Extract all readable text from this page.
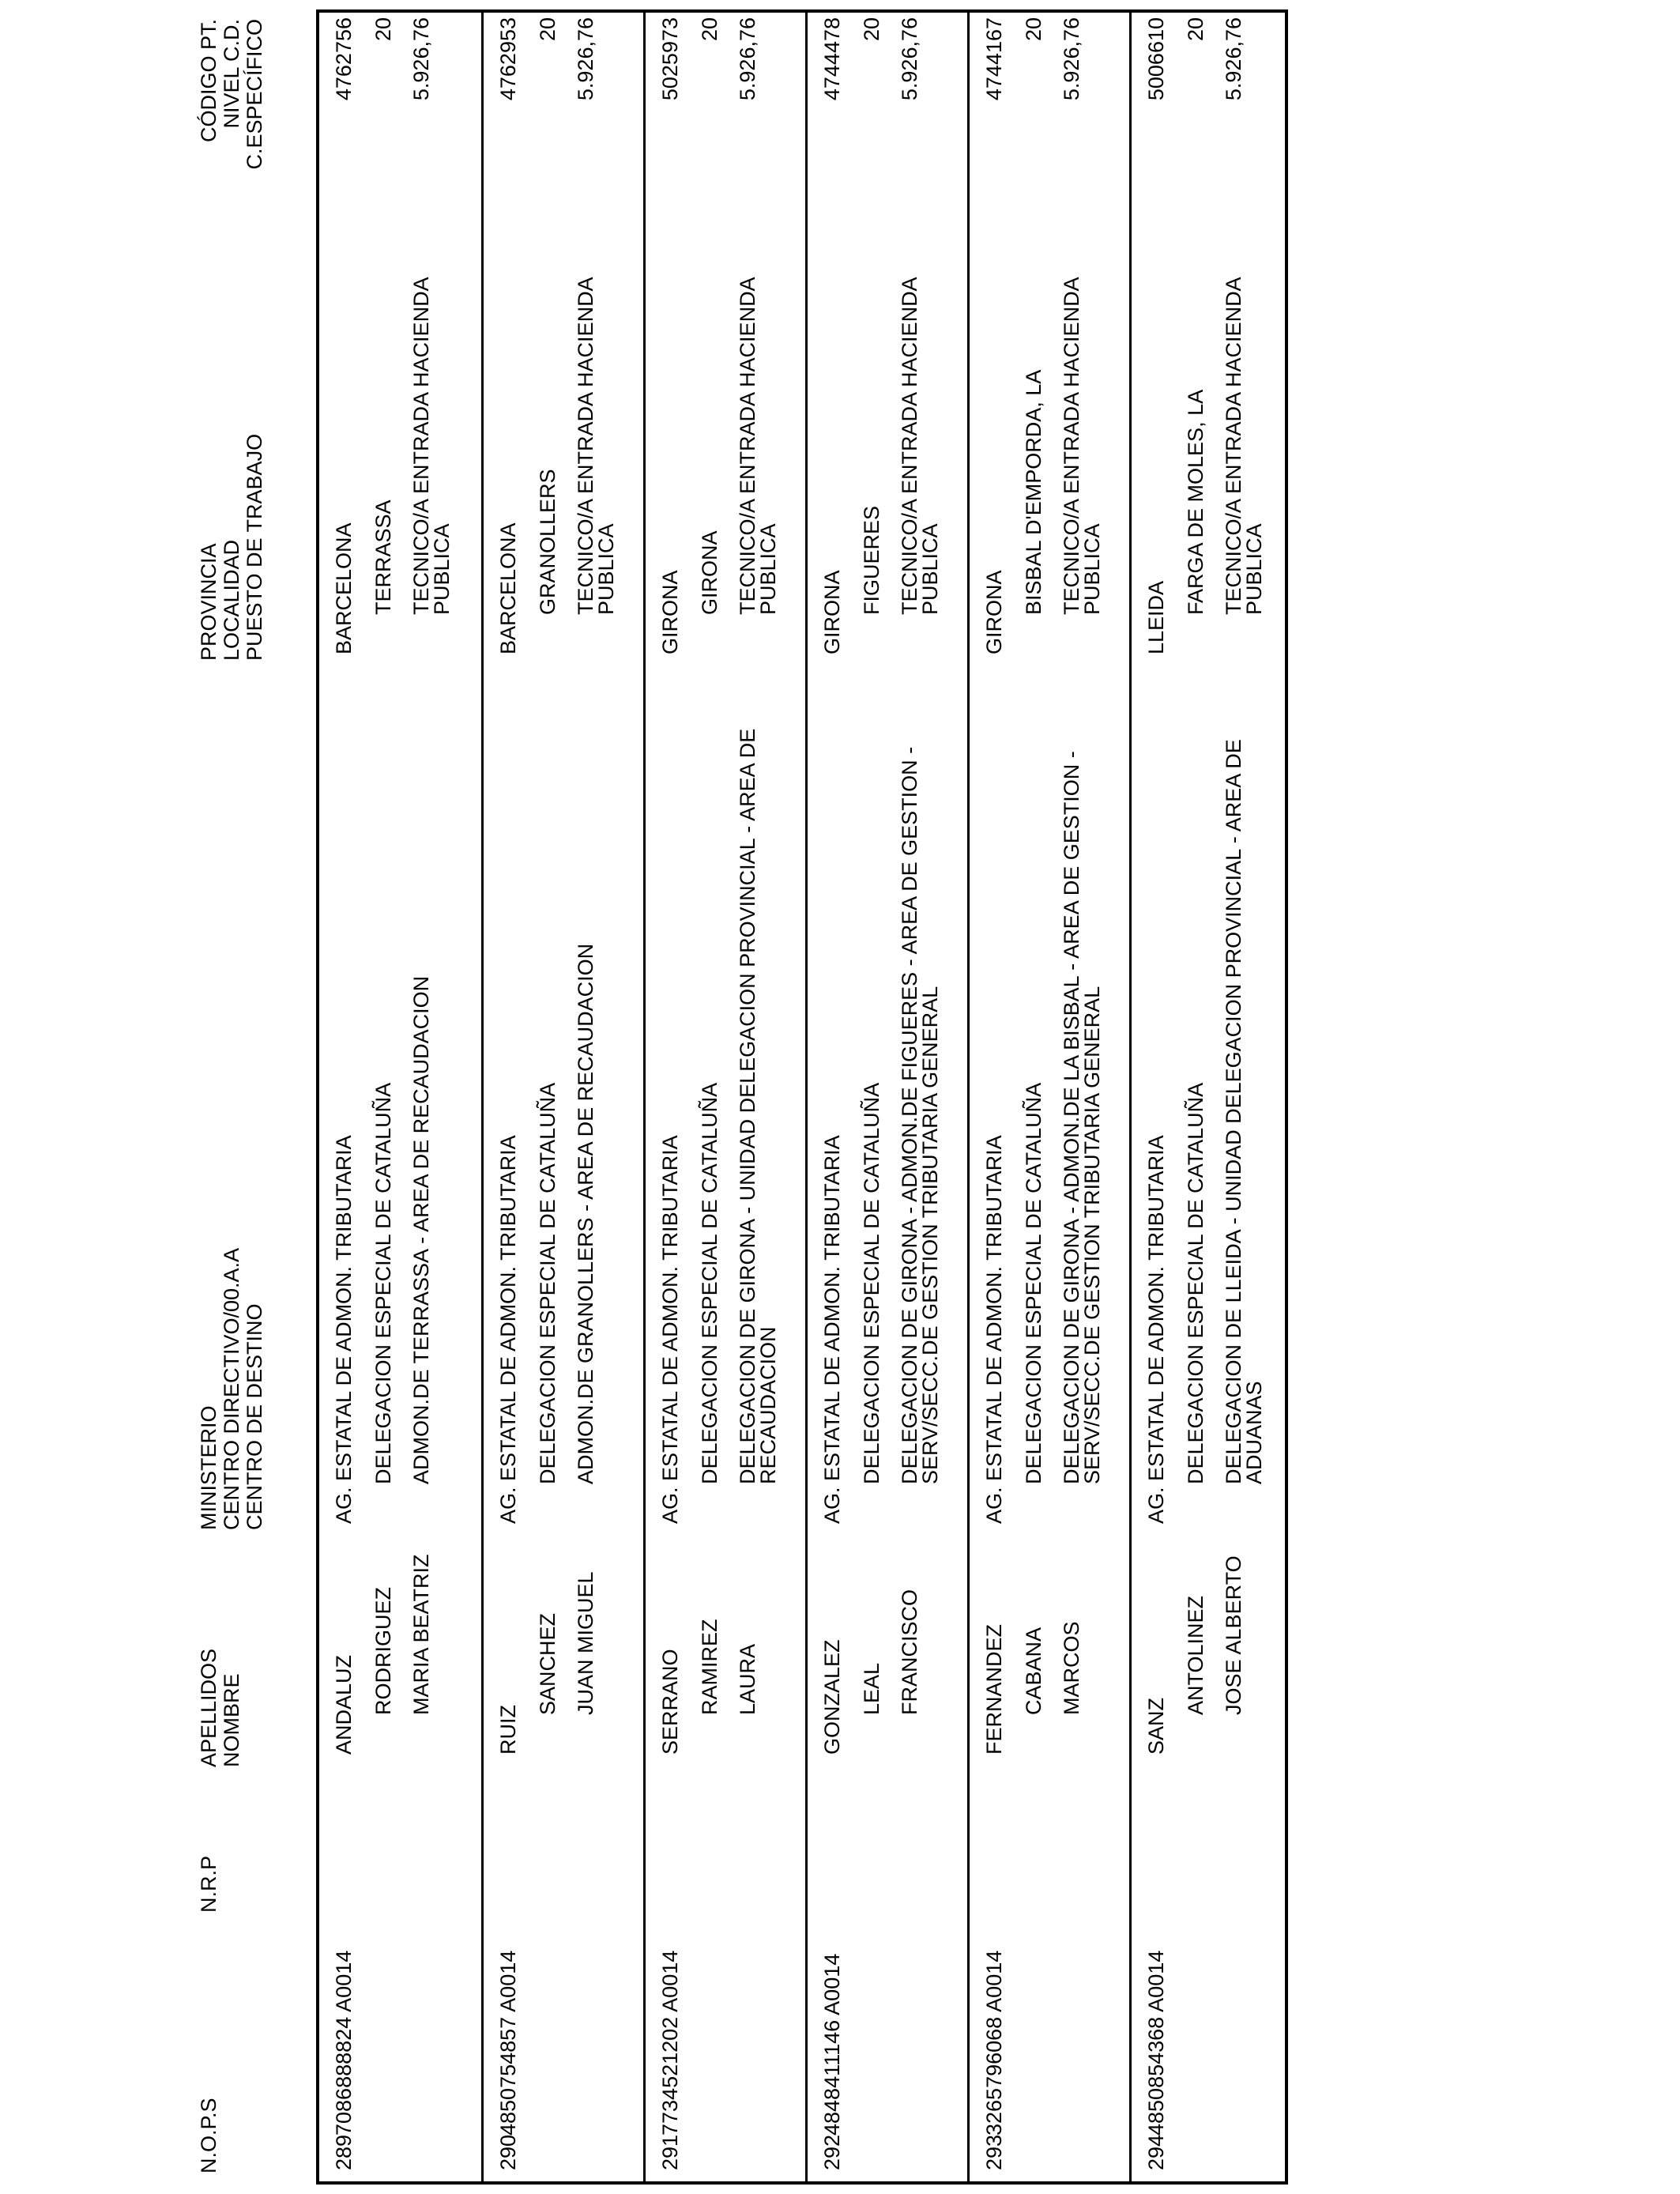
N.O.P.S
N.R.P
APELLIDOS NOMBRE
MINISTERIO CENTRO DIRECTIVO/00.A.A CENTRO DE DESTINO
PROVINCIA LOCALIDAD PUESTO DE TRABAJO
CÓDIGO PT. NIVEL C.D. C.ESPECÍFICO
289
7086888824 A0014
ANDALUZ RODRIGUEZ MARIA BEATRIZ
AG. ESTATAL DE ADMON. TRIBUTARIA DELEGACION ESPECIAL DE CATALUÑA ADMON.DE TERRASSA - AREA DE RECAUDACION
BARCELONA TERRASSA TECNICO/A ENTRADA HACIENDA PUBLICA
4762756 20 5.926,76
290
4850754857 A0014
RUIZ
SANCHEZ JUAN MIGUEL
AG. ESTATAL DE ADMON. TRIBUTARIA DELEGACION ESPECIAL DE CATALUÑA ADMON.DE GRANOLLERS - AREA DE RECAUDACION
BARCELONA GRANOLLERS TECNICO/A ENTRADA HACIENDA PUBLICA
4762953 20 5.926,76
291
7734521202 A0014
SERRANO RAMIREZ LAURA
AG. ESTATAL DE ADMON. TRIBUTARIA DELEGACION ESPECIAL DE CATALUÑA DELEGACION DE GIRONA - UNIDAD DELEGACION PROVINCIAL - AREA DE RECAUDACION
GIRONA GIRONA TECNICO/A ENTRADA HACIENDA PUBLICA
5025973 20 5.926,76
292
4848411146 A0014
GONZALEZ LEAL FRANCISCO
AG. ESTATAL DE ADMON. TRIBUTARIA DELEGACION ESPECIAL DE CATALUÑA DELEGACION DE GIRONA - ADMON.DE FIGUERES - AREA DE GESTION - SERV/SECC.DE GESTION TRIBUTARIA GENERAL
GIRONA FIGUERES TECNICO/A ENTRADA HACIENDA PUBLICA
4744478 20 5.926,76
293
3265796068 A0014
FERNANDEZ CABANA MARCOS
AG. ESTATAL DE ADMON. TRIBUTARIA DELEGACION ESPECIAL DE CATALUÑA DELEGACION DE GIRONA - ADMON.DE LA BISBAL - AREA DE GESTION - SERV/SECC.DE GESTION TRIBUTARIA GENERAL
GIRONA BISBAL D'EMPORDA, LA TECNICO/A ENTRADA HACIENDA PUBLICA
4744167 20 5.926,76
294
4850854368 A0014
SANZ
ANTOLINEZ JOSE ALBERTO
AG. ESTATAL DE ADMON. TRIBUTARIA DELEGACION ESPECIAL DE CATALUÑA DELEGACION DE LLEIDA - UNIDAD DELEGACION PROVINCIAL - AREA DE ADUANAS
LLEIDA
FARGA DE MOLES, LA TECNICO/A ENTRADA HACIENDA PUBLICA
5006610 20 5.926,76
